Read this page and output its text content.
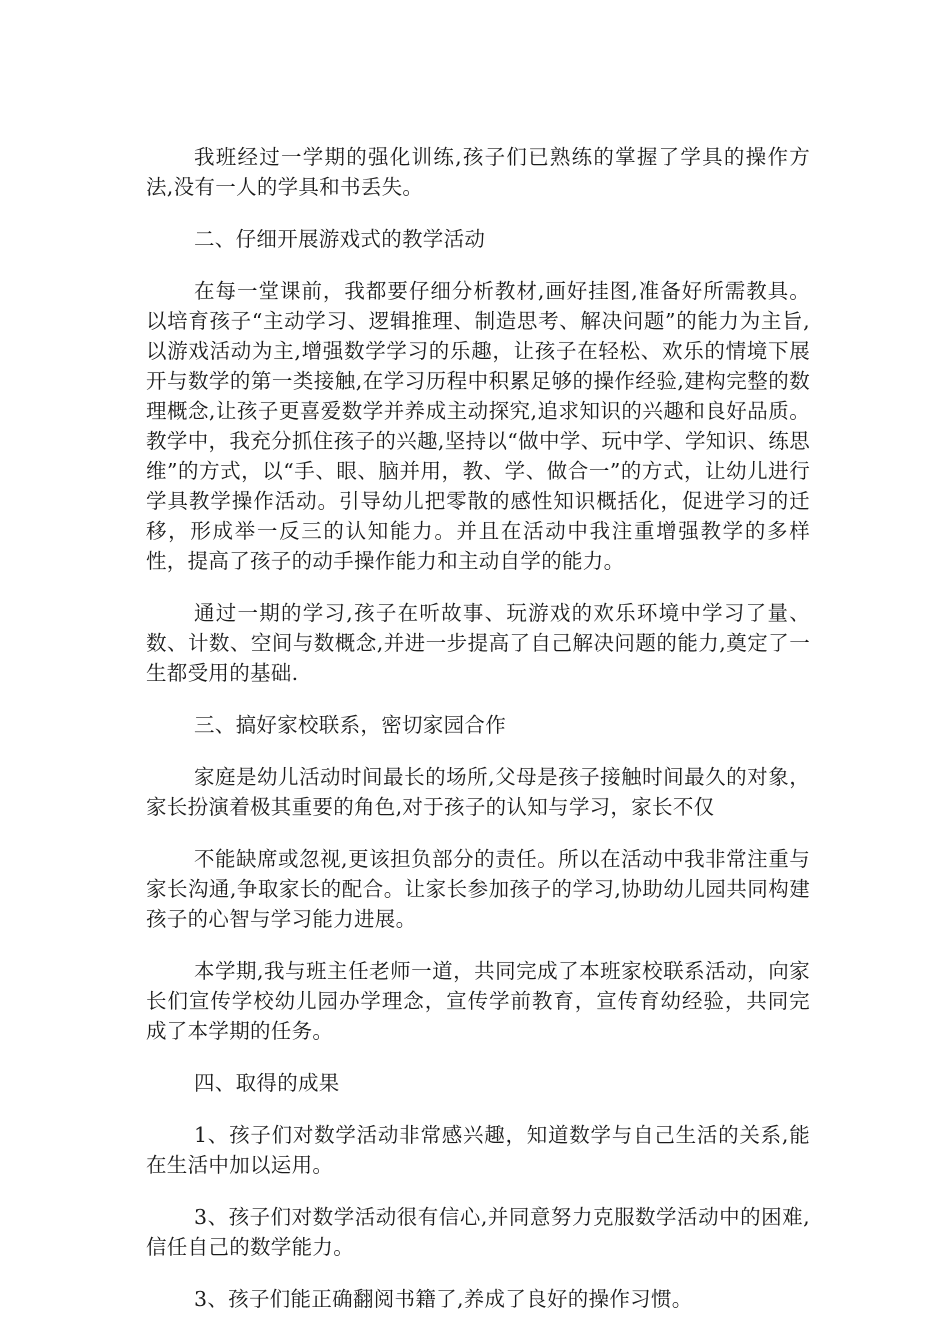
我班经过一学期的强化训练,孩子们已熟练的掌握了学具的操作方法,没有一人的学具和书丢失。

二、仔细开展游戏式的教学活动

在每一堂课前，我都要仔细分析教材,画好挂图,准备好所需教具。以培育孩子“主动学习、逻辑推理、制造思考、解决问题”的能力为主旨,以游戏活动为主,增强数学学习的乐趣，让孩子在轻松、欢乐的情境下展开与数学的第一类接触,在学习历程中积累足够的操作经验,建构完整的数理概念,让孩子更喜爱数学并养成主动探究,追求知识的兴趣和良好品质。 教学中，我充分抓住孩子的兴趣,坚持以“做中学、玩中学、学知识、练思维”的方式，以“手、眼、脑并用，教、学、做合一”的方式，让幼儿进行学具教学操作活动。引导幼儿把零散的感性知识概括化，促进学习的迁移，形成举一反三的认知能力。并且在活动中我注重增强教学的多样性，提高了孩子的动手操作能力和主动自学的能力。

通过一期的学习,孩子在听故事、玩游戏的欢乐环境中学习了量、数、计数、空间与数概念,并进一步提高了自己解决问题的能力,奠定了一生都受用的基础.

三、搞好家校联系，密切家园合作

家庭是幼儿活动时间最长的场所,父母是孩子接触时间最久的对象，家长扮演着极其重要的角色,对于孩子的认知与学习，家长不仅

不能缺席或忽视,更该担负部分的责任。所以在活动中我非常注重与家长沟通,争取家长的配合。让家长参加孩子的学习,协助幼儿园共同构建孩子的心智与学习能力进展。

本学期,我与班主任老师一道，共同完成了本班家校联系活动，向家长们宣传学校幼儿园办学理念，宣传学前教育，宣传育幼经验，共同完成了本学期的任务。

四、取得的成果

1、孩子们对数学活动非常感兴趣，知道数学与自己生活的关系,能在生活中加以运用。

3、孩子们对数学活动很有信心,并同意努力克服数学活动中的困难,信任自己的数学能力。

3、孩子们能正确翻阅书籍了,养成了良好的操作习惯。
